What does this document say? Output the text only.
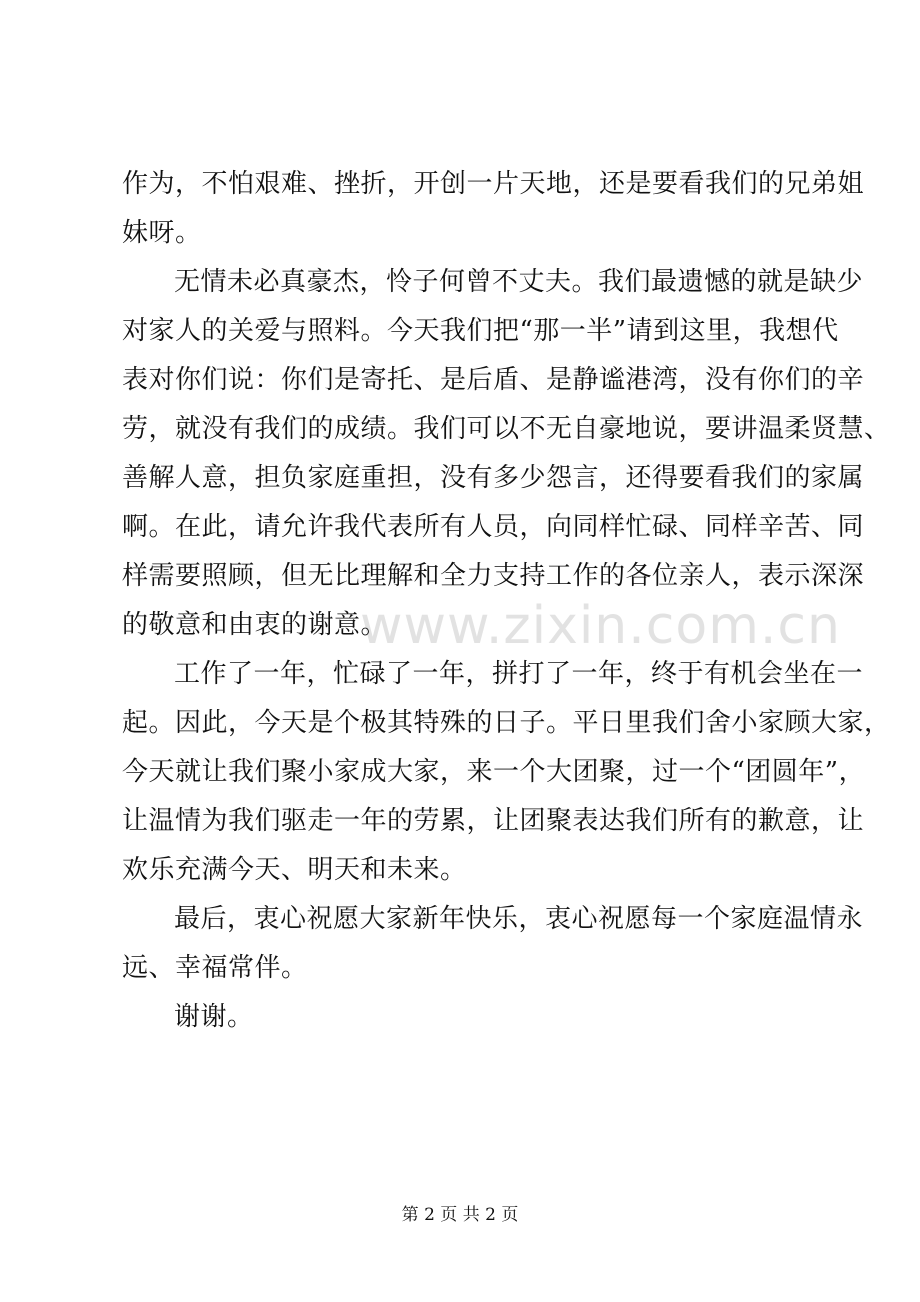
www.zixin.com.cn
作为，不怕艰难、挫折，开创一片天地，还是要看我们的兄弟姐
妹呀。
无情未必真豪杰，怜子何曾不丈夫。我们最遗憾的就是缺少
对家人的关爱与照料。今天我们把“那一半”请到这里，我想代
表对你们说：你们是寄托、是后盾、是静谧港湾，没有你们的辛
劳，就没有我们的成绩。我们可以不无自豪地说，要讲温柔贤慧、
善解人意，担负家庭重担，没有多少怨言，还得要看我们的家属
啊。在此，请允许我代表所有人员，向同样忙碌、同样辛苦、同
样需要照顾，但无比理解和全力支持工作的各位亲人，表示深深
的敬意和由衷的谢意。
工作了一年，忙碌了一年，拼打了一年，终于有机会坐在一
起。因此，今天是个极其特殊的日子。平日里我们舍小家顾大家，
今天就让我们聚小家成大家，来一个大团聚，过一个“团圆年”，
让温情为我们驱走一年的劳累，让团聚表达我们所有的歉意，让
欢乐充满今天、明天和未来。
最后，衷心祝愿大家新年快乐，衷心祝愿每一个家庭温情永
远、幸福常伴。
谢谢。
第 2 页 共 2 页
